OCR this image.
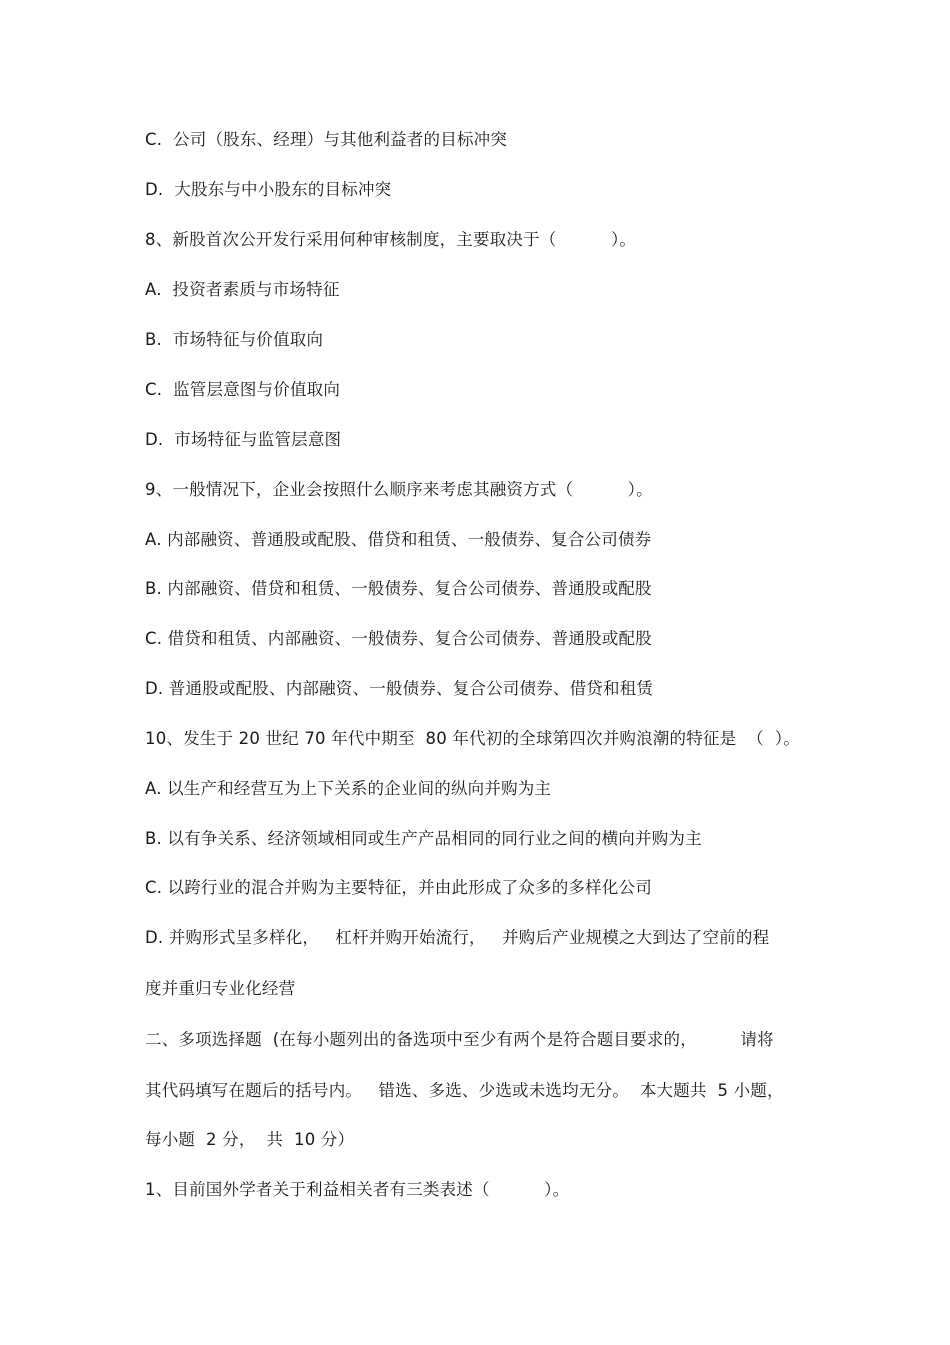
C.  公司（股东、经理）与其他利益者的目标冲突
D.  大股东与中小股东的目标冲突
8、新股首次公开发行采用何种审核制度，主要取决于（          ）。
A.  投资者素质与市场特征
B.  市场特征与价值取向
C.  监管层意图与价值取向
D.  市场特征与监管层意图
9、一般情况下，企业会按照什么顺序来考虑其融资方式（          ）。
A. 内部融资、普通股或配股、借贷和租赁、一般债券、复合公司债券
B. 内部融资、借贷和租赁、一般债券、复合公司债券、普通股或配股
C. 借贷和租赁、内部融资、一般债券、复合公司债券、普通股或配股
D. 普通股或配股、内部融资、一般债券、复合公司债券、借贷和租赁
10、发生于 20 世纪 70 年代中期至  80 年代初的全球第四次并购浪潮的特征是  （  ）。
A. 以生产和经营互为上下关系的企业间的纵向并购为主
B. 以有争关系、经济领域相同或生产产品相同的同行业之间的横向并购为主
C. 以跨行业的混合并购为主要特征，并由此形成了众多的多样化公司
D. 并购形式呈多样化，   杠杆并购开始流行，   并购后产业规模之大到达了空前的程
度并重归专业化经营
二、多项选择题  (在每小题列出的备选项中至少有两个是符合题目要求的，        请将
其代码填写在题后的括号内。   错选、多选、少选或未选均无分。  本大题共  5 小题，
每小题  2 分，  共  10 分）
1、目前国外学者关于利益相关者有三类表述（          ）。
